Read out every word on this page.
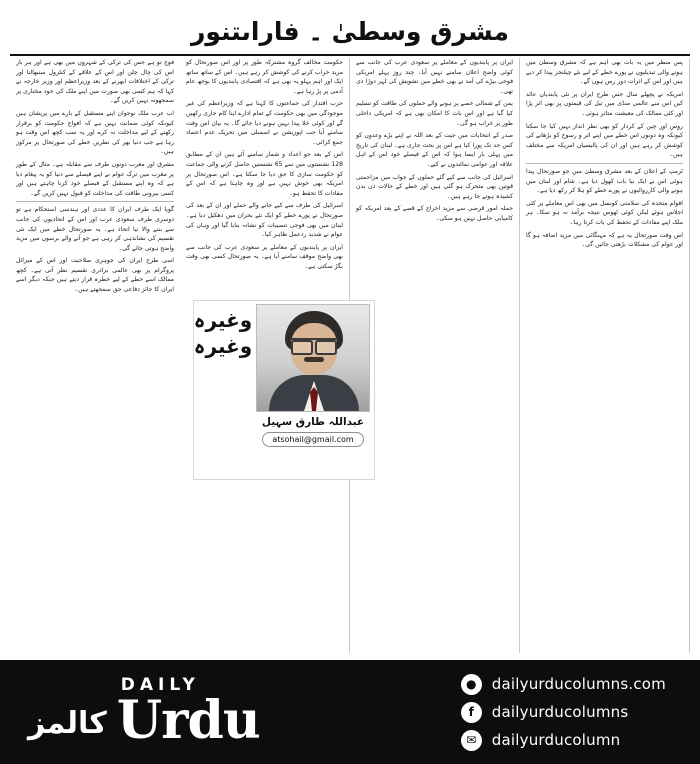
مشرق وسطیٰ ۔ فاراںتنور

فوج تو ہے جس کی ترکی کے شہروں میں بھی ہے اور ہر بار اس کی چال چلن اور اس کے علاقے کے کنٹرول سنبھالنا اور ترکی کے اختلافات ابھرنے کے بعد وزیراعظم اور وزیر خارجہ نے کہا کہ ہم کسی بھی صورت میں اپنے ملک کی خود مختاری پر سمجھوتہ نہیں کریں گے۔

اب عرب ملک نوجوان اپنے مستقبل کے بارے میں پریشان ہیں کیونکہ کوئی ضمانت نہیں ہے کہ افواج حکومت کو برقرار رکھنے کے لیے مداخلت نہ کرے اور یہ سب کچھ اس وقت ہو رہا ہے جب دنیا بھر کی نظریں خطے کی صورتحال پر مرکوز ہیں۔

مشرق اور مغرب دونوں طرف سے مقابلہ ہے۔ مثال کے طور پر مغرب میں ترک عوام نے اپنے فیصلے سے دنیا کو یہ پیغام دیا ہے کہ وہ اپنے مستقبل کے فیصلے خود کرنا چاہتے ہیں اور کسی بیرونی طاقت کی مداخلت کو قبول نہیں کریں گے۔

گویا ایک طرف ایران کا عددی اور ہندسی استحکام ہے تو دوسری طرف سعودی عرب اور اس کے اتحادیوں کی جانب سے بننے والا نیا اتحاد ہے۔ یہ صورتحال خطے میں ایک نئی تقسیم کی نشاندہی کر رہی ہے جو آنے والے برسوں میں مزید واضح ہوتی جائے گی۔

اسی طرح ایران کی جوہری صلاحیت اور اس کے میزائل پروگرام پر بھی عالمی برادری تقسیم نظر آتی ہے۔ کچھ ممالک اسے خطے کے لیے خطرہ قرار دیتے ہیں جبکہ دیگر اسے ایران کا جائز دفاعی حق سمجھتے ہیں۔

حکومت مخالف گروہ مشترکہ طور پر اور اس صورتحال کو مزید خراب کرنے کی کوشش کر رہے ہیں۔ اس کے ساتھ ساتھ ایک اور اہم پہلو یہ بھی ہے کہ اقتصادی پابندیوں کا بوجھ عام آدمی پر پڑ رہا ہے۔

حزب اقتدار کی جماعتوں کا کہنا ہے کہ وزیراعظم کی غیر موجودگی میں بھی حکومت کے تمام ادارے اپنا کام جاری رکھیں گے اور کوئی خلا پیدا نہیں ہونے دیا جائے گا۔ یہ بیان اس وقت سامنے آیا جب اپوزیشن نے اسمبلی میں تحریک عدم اعتماد جمع کرائی۔

اس کے بعد جو اعداد و شمار سامنے آئے ہیں ان کے مطابق 128 نشستوں میں سے 65 نشستیں حاصل کرنے والی جماعت کو حکومت سازی کا حق دیا جا سکتا ہے۔ اس صورتحال پر امریکہ بھی خوش نہیں ہے اور وہ چاہتا ہے کہ اس کے مفادات کا تحفظ ہو۔

اسرائیل کی طرف سے کیے جانے والے حملے اور ان کے بعد کی صورتحال نے پورے خطے کو ایک نئے بحران میں دھکیل دیا ہے۔ لبنان میں بھی فوجی تنصیبات کو نشانہ بنایا گیا اور وہاں کی عوام نے شدید ردعمل ظاہر کیا۔

ایران پر پابندیوں کے معاملے پر سعودی عرب کی جانب سے بھی واضح موقف سامنے آیا ہے۔ یہ صورتحال کسی بھی وقت بگڑ سکتی ہے۔

ایران پر پابندیوں کے معاملے پر سعودی عرب کی جانب سے کوئی واضح اعلان سامنے نہیں آیا۔ چند روز پہلے امریکی فوجی بیڑے کی آمد نے بھی خطے میں تشویش کی لہر دوڑا دی تھی۔

یمن کے شمالی حصے پر ہونے والے حملوں کی طاقت کو تسلیم کیا گیا ہے اور اس بات کا امکان بھی ہے کہ امریکی داخلی طور پر خراب ہو گی۔

صدر کے انتخابات میں جیت کے بعد اللہ نے اپنے بڑے وعدوں کو کس حد تک پورا کیا ہے اس پر بحث جاری ہے۔ لبنان کی تاریخ میں پہلی بار ایسا ہوا کہ اس کے فیصلے خود اس کے اہل علاقہ اور عوامی نمائندوں نے کیے۔

اسرائیل کی جانب سے کیے گئے حملوں کے جواب میں مزاحمتی قوتیں بھی متحرک ہو گئی ہیں اور خطے کے حالات دن بدن کشیدہ ہوتے جا رہے ہیں۔

جملہ امور قرضی سے مزید اخراج کے قصے کے بعد امریکہ کو کامیابی حاصل نہیں ہو سکی۔

پس منظر میں یہ بات بھی اہم ہے کہ مشرق وسطیٰ میں ہونے والی تبدیلیوں نے پورے خطے کے لیے نئے چیلنجز پیدا کر دیے ہیں اور اس کے اثرات دور رس ہوں گے۔

امریکہ نے پچھلے سال جس طرح ایران پر نئی پابندیاں عائد کیں اس سے عالمی منڈی میں تیل کی قیمتوں پر بھی اثر پڑا اور کئی ممالک کی معیشت متاثر ہوئی۔

روس اور چین کے کردار کو بھی نظر انداز نہیں کیا جا سکتا کیونکہ وہ دونوں اس خطے میں اپنے اثر و رسوخ کو بڑھانے کی کوشش کر رہے ہیں اور ان کی پالیسیاں امریکہ سے مختلف ہیں۔

ٹرمپ کے اعلان کے بعد مشرق وسطیٰ میں جو صورتحال پیدا ہوئی اس نے ایک نیا باب کھول دیا ہے۔ شام اور لبنان میں ہونے والی کارروائیوں نے پورے خطے کو ہلا کر رکھ دیا ہے۔

اقوام متحدہ کی سلامتی کونسل میں بھی اس معاملے پر کئی اجلاس ہوئے لیکن کوئی ٹھوس نتیجہ برآمد نہ ہو سکا۔ ہر ملک اپنے مفادات کے تحفظ کی بات کرتا رہا۔

اس وقت صورتحال یہ ہے کہ مہنگائی میں مزید اضافہ ہو گا اور عوام کی مشکلات بڑھتی جائیں گی۔

وغیرہ وغیرہ
عبداللہ طارق سہیل
atsohail@gmail.com
کالمز
DAILY
Urdu
●	dailyurducolumns.com
f	dailyurducolumns
✉	dailyurducolumn
